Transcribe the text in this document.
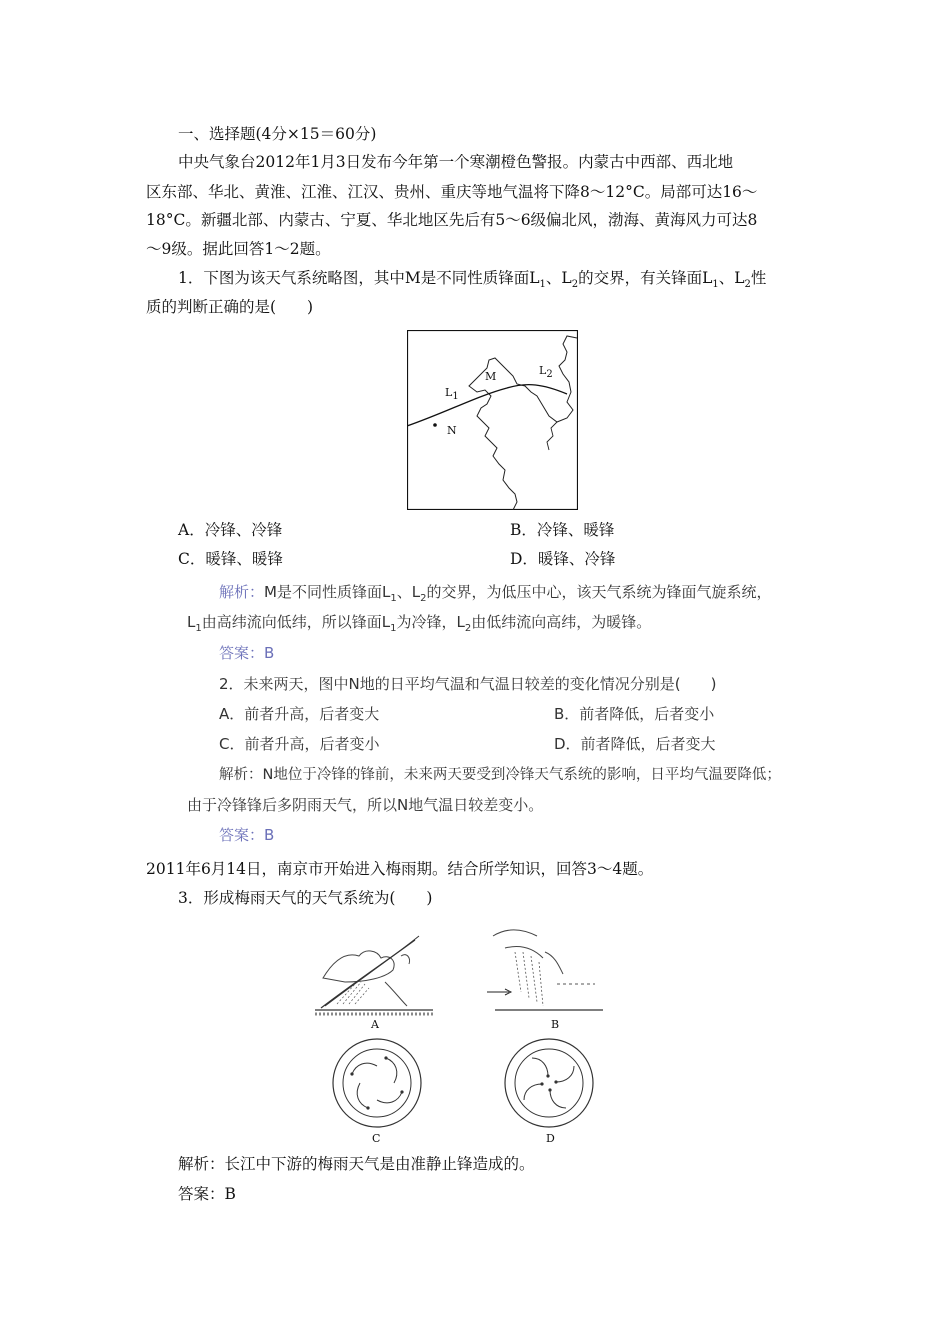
一、选择题(4分×15＝60分)
中央气象台2012年1月3日发布今年第一个寒潮橙色警报。内蒙古中西部、西北地
区东部、华北、黄淮、江淮、江汉、贵州、重庆等地气温将下降8～12°C。局部可达16～
18°C。新疆北部、内蒙古、宁夏、华北地区先后有5～6级偏北风，渤海、黄海风力可达8
～9级。据此回答1～2题。
1．下图为该天气系统略图，其中M是不同性质锋面$L_1$、$L_2$的交界，有关锋面$L_1$、$L_2$性
质的判断正确的是(　　)
M
L1
L2
N
A．冷锋、冷锋	B．冷锋、暖锋
C．暖锋、暖锋	D．暖锋、冷锋
解析：M是不同性质锋面$L_1$、$L_2$的交界，为低压中心，该天气系统为锋面气旋系统，
$L_1$由高纬流向低纬，所以锋面$L_1$为冷锋，$L_2$由低纬流向高纬，为暖锋。
答案：B
2．未来两天，图中N地的日平均气温和气温日较差的变化情况分别是(　　)
A．前者升高，后者变大	B．前者降低，后者变小
C．前者升高，后者变小	D．前者降低，后者变大
解析：N地位于冷锋的锋前，未来两天要受到冷锋天气系统的影响，日平均气温要降低；
由于冷锋锋后多阴雨天气，所以N地气温日较差变小。
答案：B
2011年6月14日，南京市开始进入梅雨期。结合所学知识，回答3～4题。
3．形成梅雨天气的天气系统为(　　)
A	B
C	D
解析：长江中下游的梅雨天气是由准静止锋造成的。
答案：B
